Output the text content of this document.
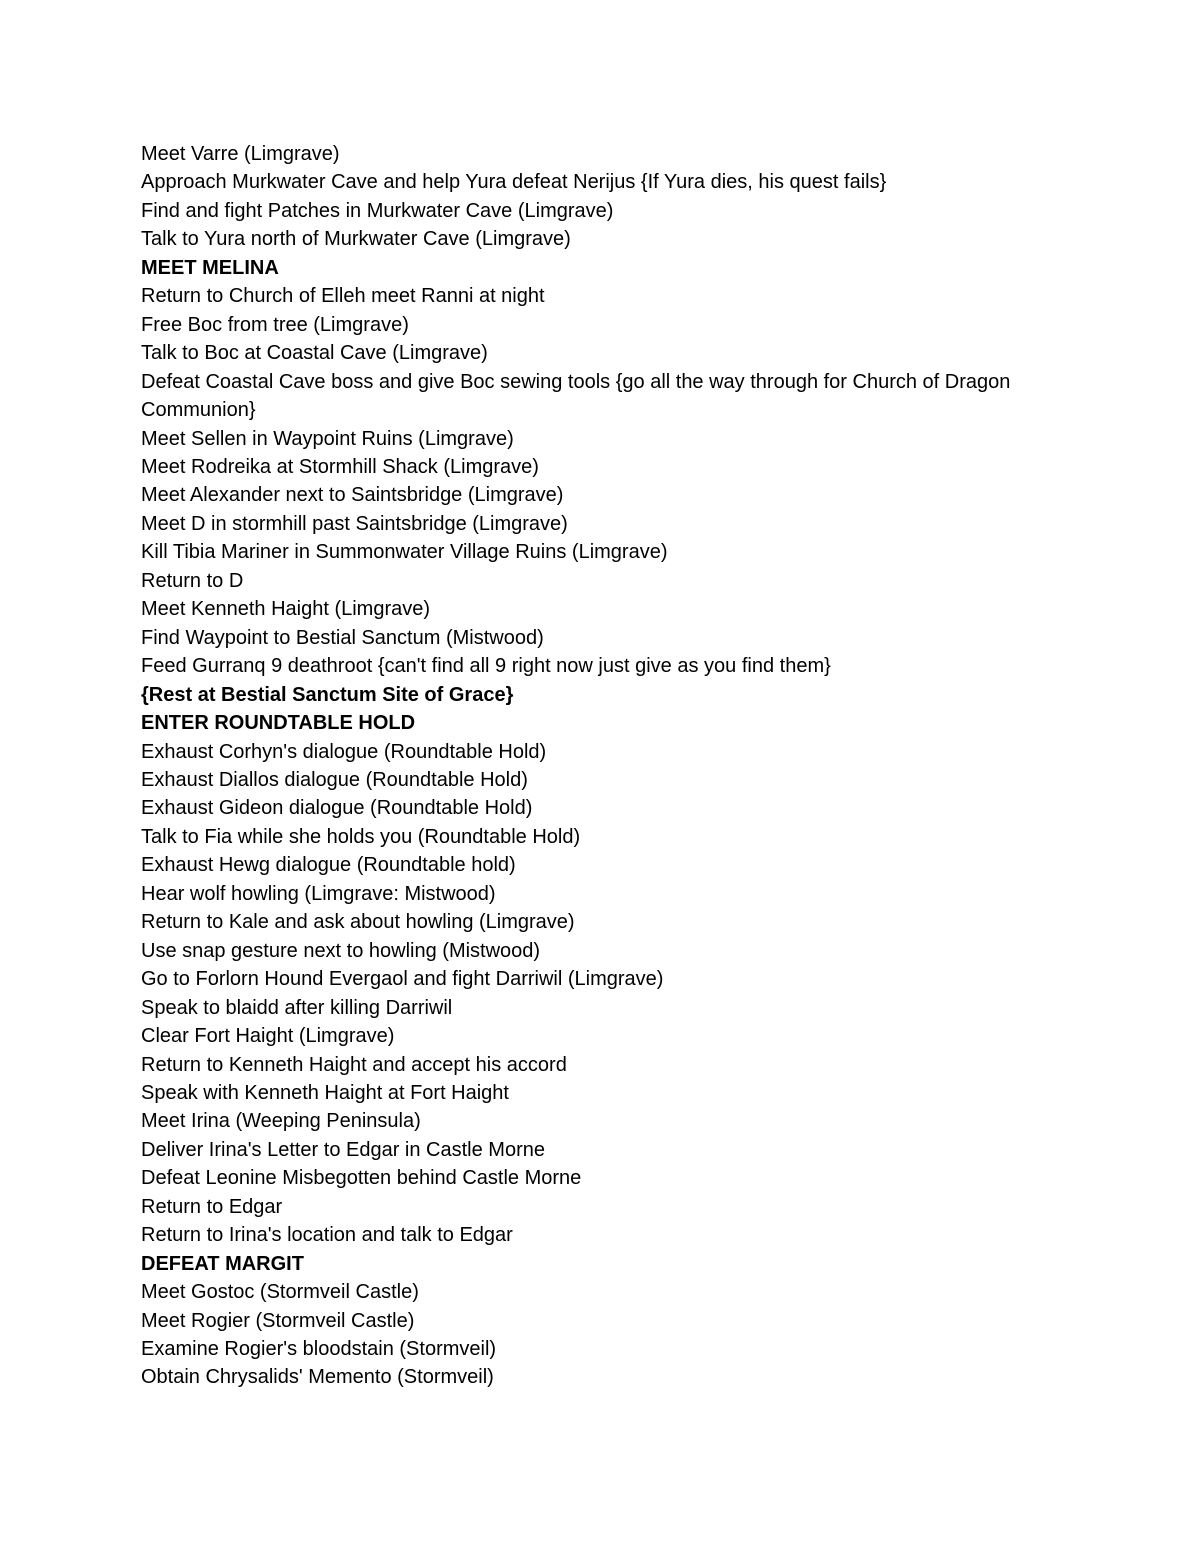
Meet Varre (Limgrave)
Approach Murkwater Cave and help Yura defeat Nerijus {If Yura dies, his quest fails}
Find and fight Patches in Murkwater Cave (Limgrave)
Talk to Yura north of Murkwater Cave (Limgrave)
MEET MELINA
Return to Church of Elleh meet Ranni at night
Free Boc from tree (Limgrave)
Talk to Boc at Coastal Cave (Limgrave)
Defeat Coastal Cave boss and give Boc sewing tools {go all the way through for Church of Dragon Communion}
Meet Sellen in Waypoint Ruins (Limgrave)
Meet Rodreika at Stormhill Shack (Limgrave)
Meet Alexander next to Saintsbridge (Limgrave)
Meet D in stormhill past Saintsbridge (Limgrave)
Kill Tibia Mariner in Summonwater Village Ruins (Limgrave)
Return to D
Meet Kenneth Haight (Limgrave)
Find Waypoint to Bestial Sanctum (Mistwood)
Feed Gurranq 9 deathroot {can't find all 9 right now just give as you find them}
{Rest at Bestial Sanctum Site of Grace}
ENTER ROUNDTABLE HOLD
Exhaust Corhyn's dialogue (Roundtable Hold)
Exhaust Diallos dialogue (Roundtable Hold)
Exhaust Gideon dialogue (Roundtable Hold)
Talk to Fia while she holds you (Roundtable Hold)
Exhaust Hewg dialogue (Roundtable hold)
Hear wolf howling (Limgrave: Mistwood)
Return to Kale and ask about howling (Limgrave)
Use snap gesture next to howling (Mistwood)
Go to Forlorn Hound Evergaol and fight Darriwil (Limgrave)
Speak to blaidd after killing Darriwil
Clear Fort Haight (Limgrave)
Return to Kenneth Haight and accept his accord
Speak with Kenneth Haight at Fort Haight
Meet Irina (Weeping Peninsula)
Deliver Irina's Letter to Edgar in Castle Morne
Defeat Leonine Misbegotten behind Castle Morne
Return to Edgar
Return to Irina's location and talk to Edgar
DEFEAT MARGIT
Meet Gostoc (Stormveil Castle)
Meet Rogier (Stormveil Castle)
Examine Rogier's bloodstain (Stormveil)
Obtain Chrysalids' Memento (Stormveil)
